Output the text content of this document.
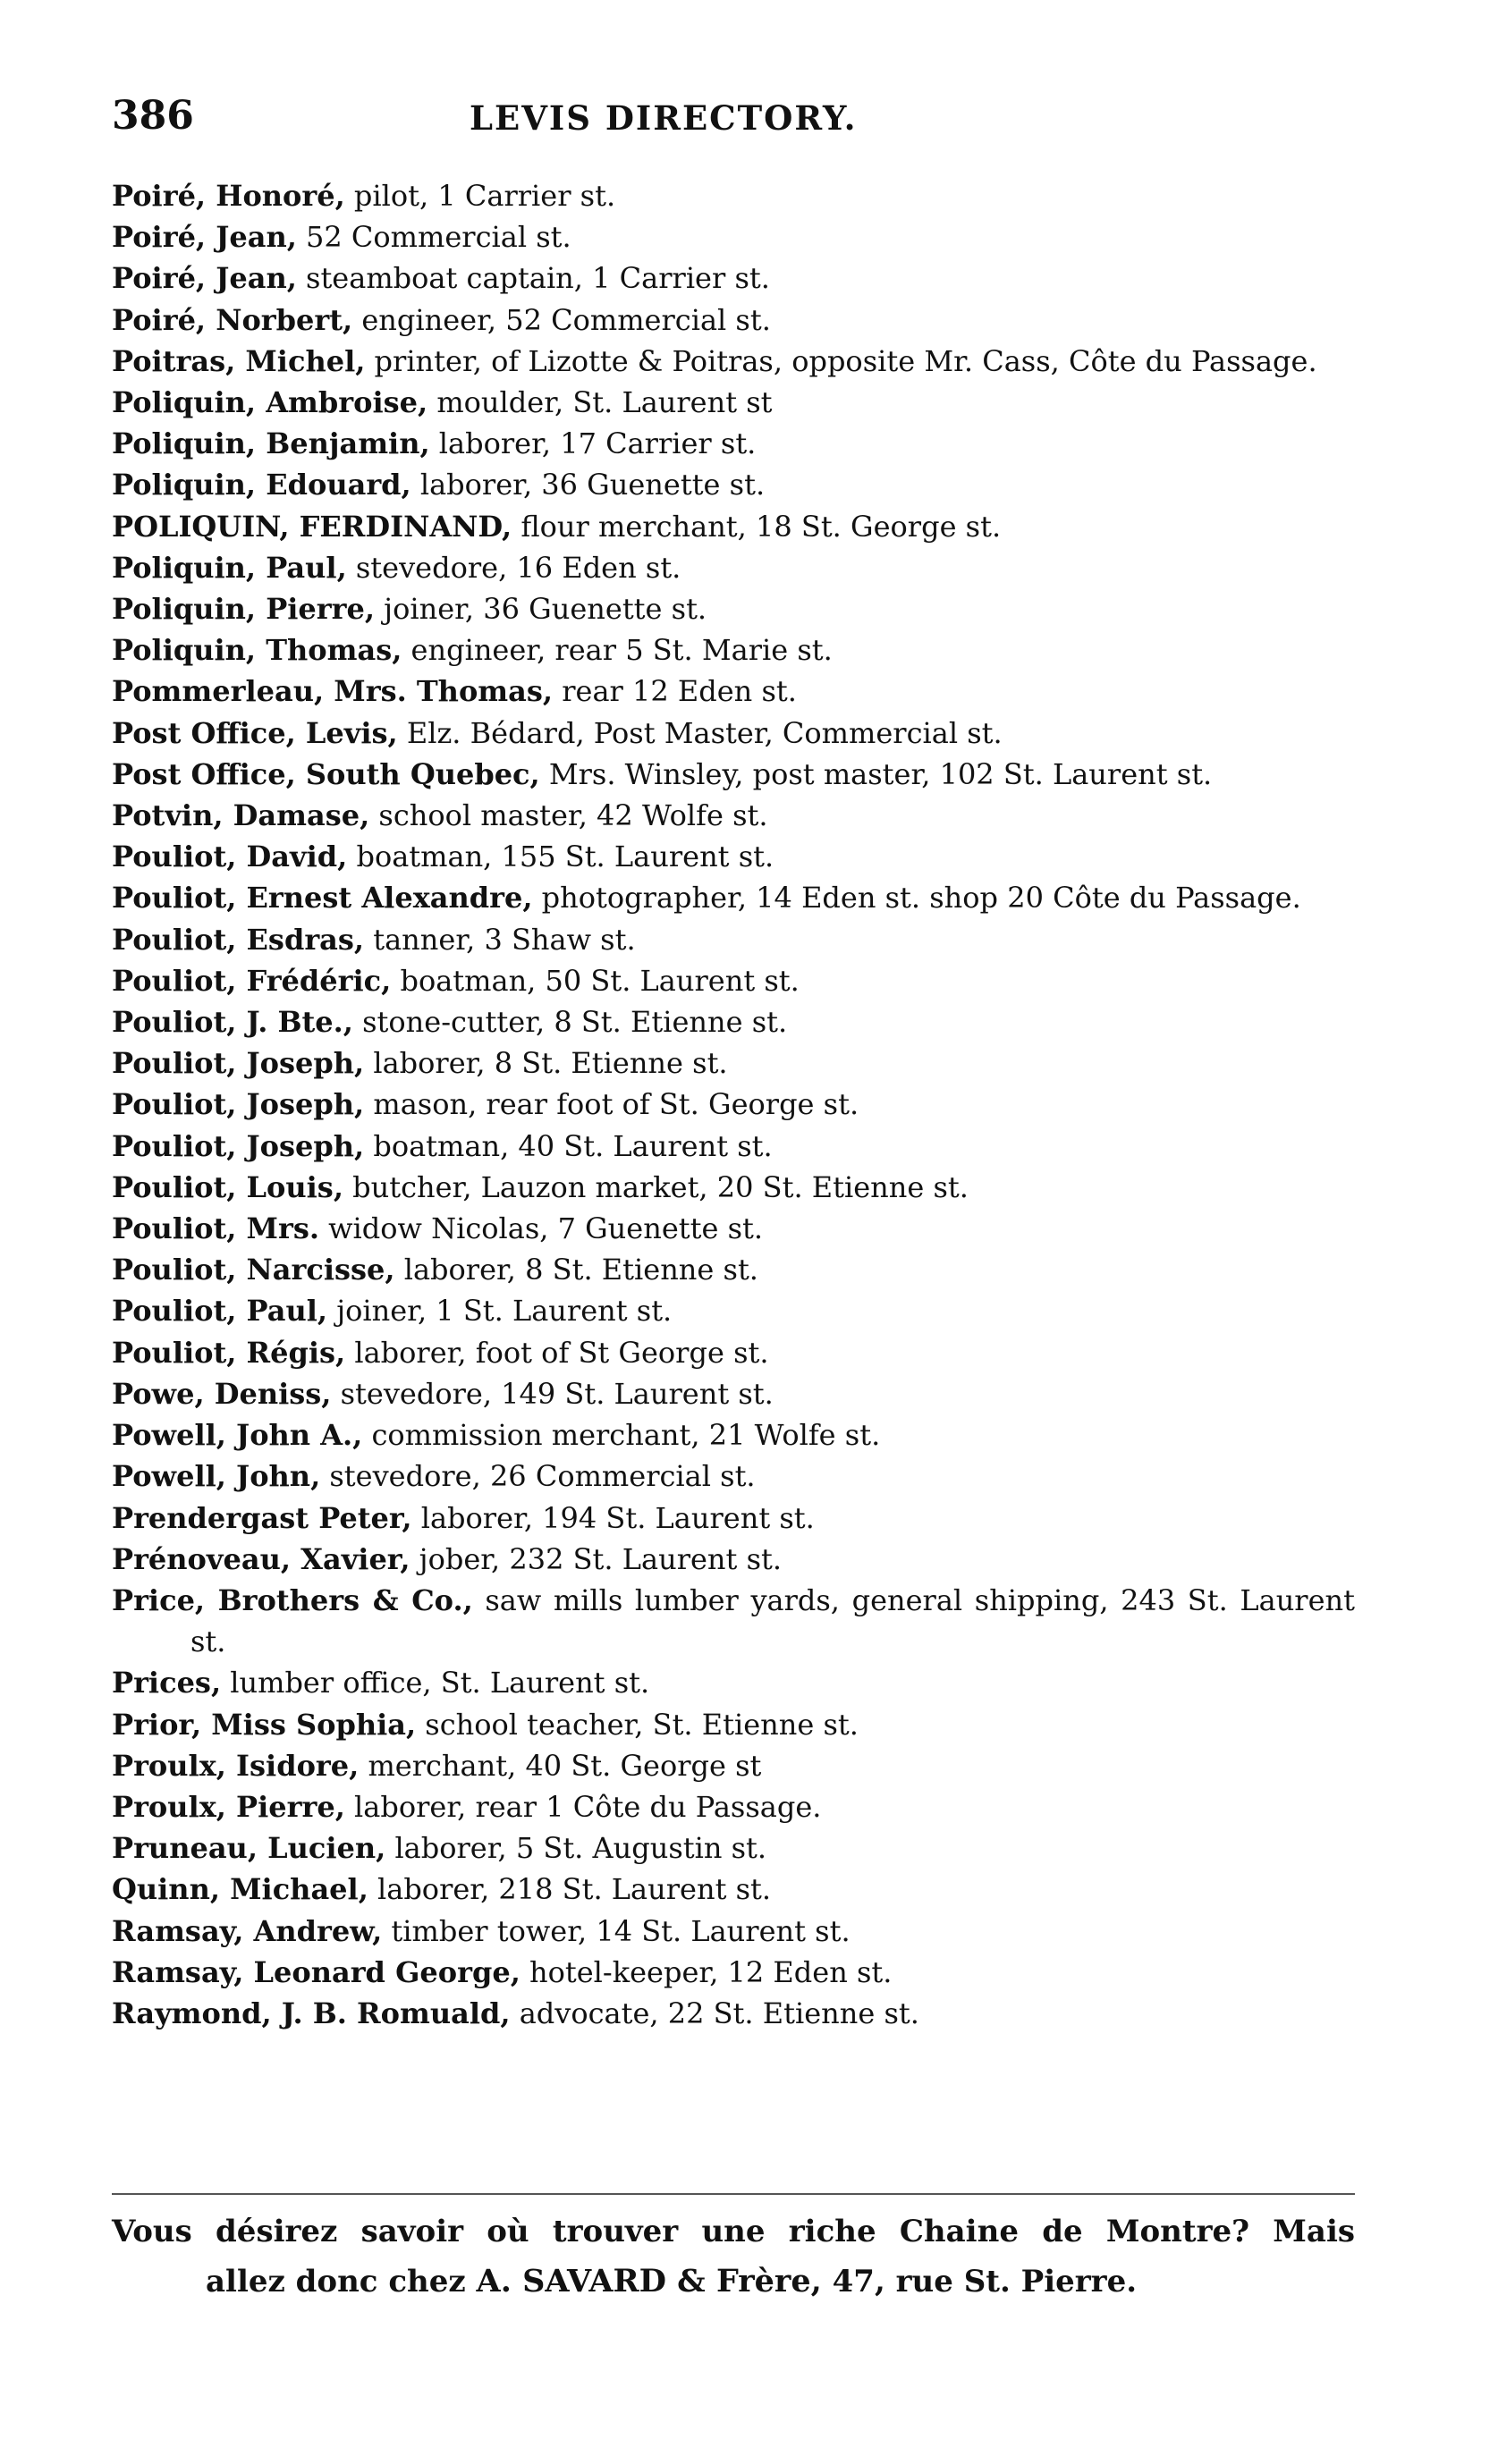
386	LEVIS DIRECTORY.
Poiré, Honoré, pilot, 1 Carrier st.
Poiré, Jean, 52 Commercial st.
Poiré, Jean, steamboat captain, 1 Carrier st.
Poiré, Norbert, engineer, 52 Commercial st.
Poitras, Michel, printer, of Lizotte & Poitras, opposite Mr. Cass, Côte du Passage.
Poliquin, Ambroise, moulder, St. Laurent st
Poliquin, Benjamin, laborer, 17 Carrier st.
Poliquin, Edouard, laborer, 36 Guenette st.
POLIQUIN, FERDINAND, flour merchant, 18 St. George st.
Poliquin, Paul, stevedore, 16 Eden st.
Poliquin, Pierre, joiner, 36 Guenette st.
Poliquin, Thomas, engineer, rear 5 St. Marie st.
Pommerleau, Mrs. Thomas, rear 12 Eden st.
Post Office, Levis, Elz. Bédard, Post Master, Commercial st.
Post Office, South Quebec, Mrs. Winsley, post master, 102 St. Laurent st.
Potvin, Damase, school master, 42 Wolfe st.
Pouliot, David, boatman, 155 St. Laurent st.
Pouliot, Ernest Alexandre, photographer, 14 Eden st. shop 20 Côte du Passage.
Pouliot, Esdras, tanner, 3 Shaw st.
Pouliot, Frédéric, boatman, 50 St. Laurent st.
Pouliot, J. Bte., stone-cutter, 8 St. Etienne st.
Pouliot, Joseph, laborer, 8 St. Etienne st.
Pouliot, Joseph, mason, rear foot of St. George st.
Pouliot, Joseph, boatman, 40 St. Laurent st.
Pouliot, Louis, butcher, Lauzon market, 20 St. Etienne st.
Pouliot, Mrs. widow Nicolas, 7 Guenette st.
Pouliot, Narcisse, laborer, 8 St. Etienne st.
Pouliot, Paul, joiner, 1 St. Laurent st.
Pouliot, Régis, laborer, foot of St George st.
Powe, Deniss, stevedore, 149 St. Laurent st.
Powell, John A., commission merchant, 21 Wolfe st.
Powell, John, stevedore, 26 Commercial st.
Prendergast Peter, laborer, 194 St. Laurent st.
Prénoveau, Xavier, jober, 232 St. Laurent st.
Price, Brothers & Co., saw mills lumber yards, general shipping, 243 St. Laurent st.
Prices, lumber office, St. Laurent st.
Prior, Miss Sophia, school teacher, St. Etienne st.
Proulx, Isidore, merchant, 40 St. George st
Proulx, Pierre, laborer, rear 1 Côte du Passage.
Pruneau, Lucien, laborer, 5 St. Augustin st.
Quinn, Michael, laborer, 218 St. Laurent st.
Ramsay, Andrew, timber tower, 14 St. Laurent st.
Ramsay, Leonard George, hotel-keeper, 12 Eden st.
Raymond, J. B. Romuald, advocate, 22 St. Etienne st.
Vous désirez savoir où trouver une riche Chaine de Montre? Mais
allez donc chez A. SAVARD & Frère, 47, rue St. Pierre.
